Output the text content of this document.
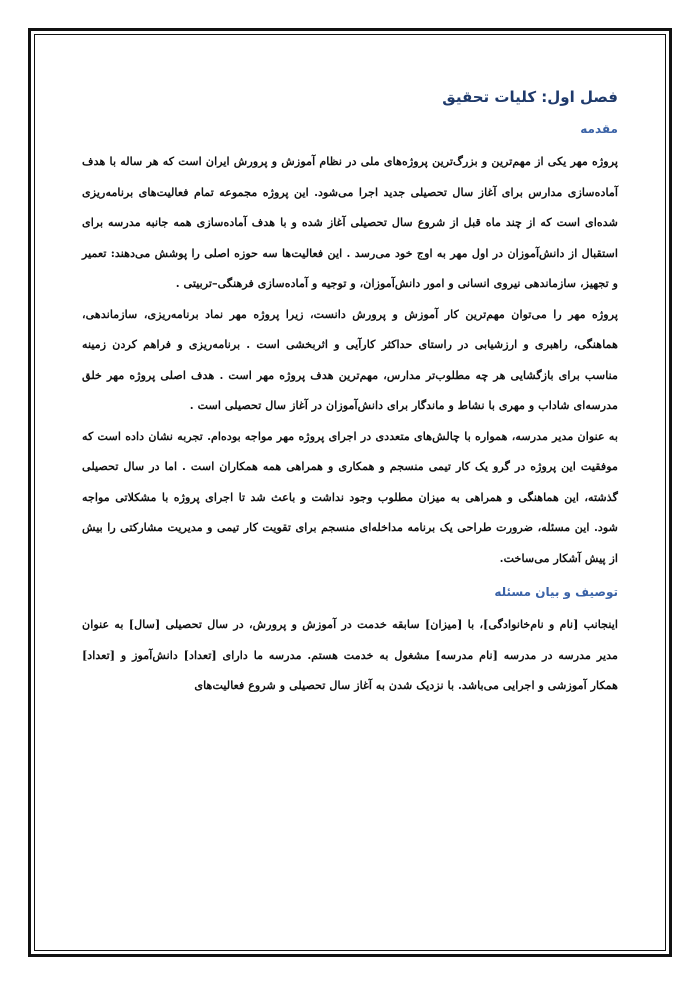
فصل اول: کلیات تحقیق
مقدمه

پروژه مهر یکی از مهم‌ترین و بزرگ‌ترین پروژه‌های ملی در نظام آموزش و پرورش ایران است که هر ساله با هدف آماده‌سازی مدارس برای آغاز سال تحصیلی جدید اجرا می‌شود. این پروژه مجموعه تمام فعالیت‌های برنامه‌ریزی شده‌ای است که از چند ماه قبل از شروع سال تحصیلی آغاز شده و با هدف آماده‌سازی همه جانبه مدرسه برای استقبال از دانش‌آموزان در اول مهر به اوج خود می‌رسد . این فعالیت‌ها سه حوزه اصلی را پوشش می‌دهند: تعمیر و تجهیز، سازماندهی نیروی انسانی و امور دانش‌آموزان، و توجیه و آماده‌سازی فرهنگی–تربیتی .

پروژه مهر را می‌توان مهم‌ترین کار آموزش و پرورش دانست، زیرا پروژه مهر نماد برنامه‌ریزی، سازماندهی، هماهنگی، راهبری و ارزشیابی در راستای حداکثر کارآیی و اثربخشی است . برنامه‌ریزی و فراهم کردن زمینه مناسب برای بازگشایی هر چه مطلوب‌تر مدارس، مهم‌ترین هدف پروژه مهر است . هدف اصلی پروژه مهر خلق مدرسه‌ای شاداب و مهری با نشاط و ماندگار برای دانش‌آموزان در آغاز سال تحصیلی است .

به عنوان مدیر مدرسه، همواره با چالش‌های متعددی در اجرای پروژه مهر مواجه بوده‌ام. تجربه نشان داده است که موفقیت این پروژه در گرو یک کار تیمی منسجم و همکاری و همراهی همه همکاران است . اما در سال تحصیلی گذشته، این هماهنگی و همراهی به میزان مطلوب وجود نداشت و باعث شد تا اجرای پروژه با مشکلاتی مواجه شود. این مسئله، ضرورت طراحی یک برنامه مداخله‌ای منسجم برای تقویت کار تیمی و مدیریت مشارکتی را بیش از پیش آشکار می‌ساخت.

توصیف و بیان مسئله

اینجانب [نام و نام‌خانوادگی]، با [میزان] سابقه خدمت در آموزش و پرورش، در سال تحصیلی [سال] به عنوان مدیر مدرسه در مدرسه [نام مدرسه] مشغول به خدمت هستم. مدرسه ما دارای [تعداد] دانش‌آموز و [تعداد] همکار آموزشی و اجرایی می‌باشد. با نزدیک شدن به آغاز سال تحصیلی و شروع فعالیت‌های
